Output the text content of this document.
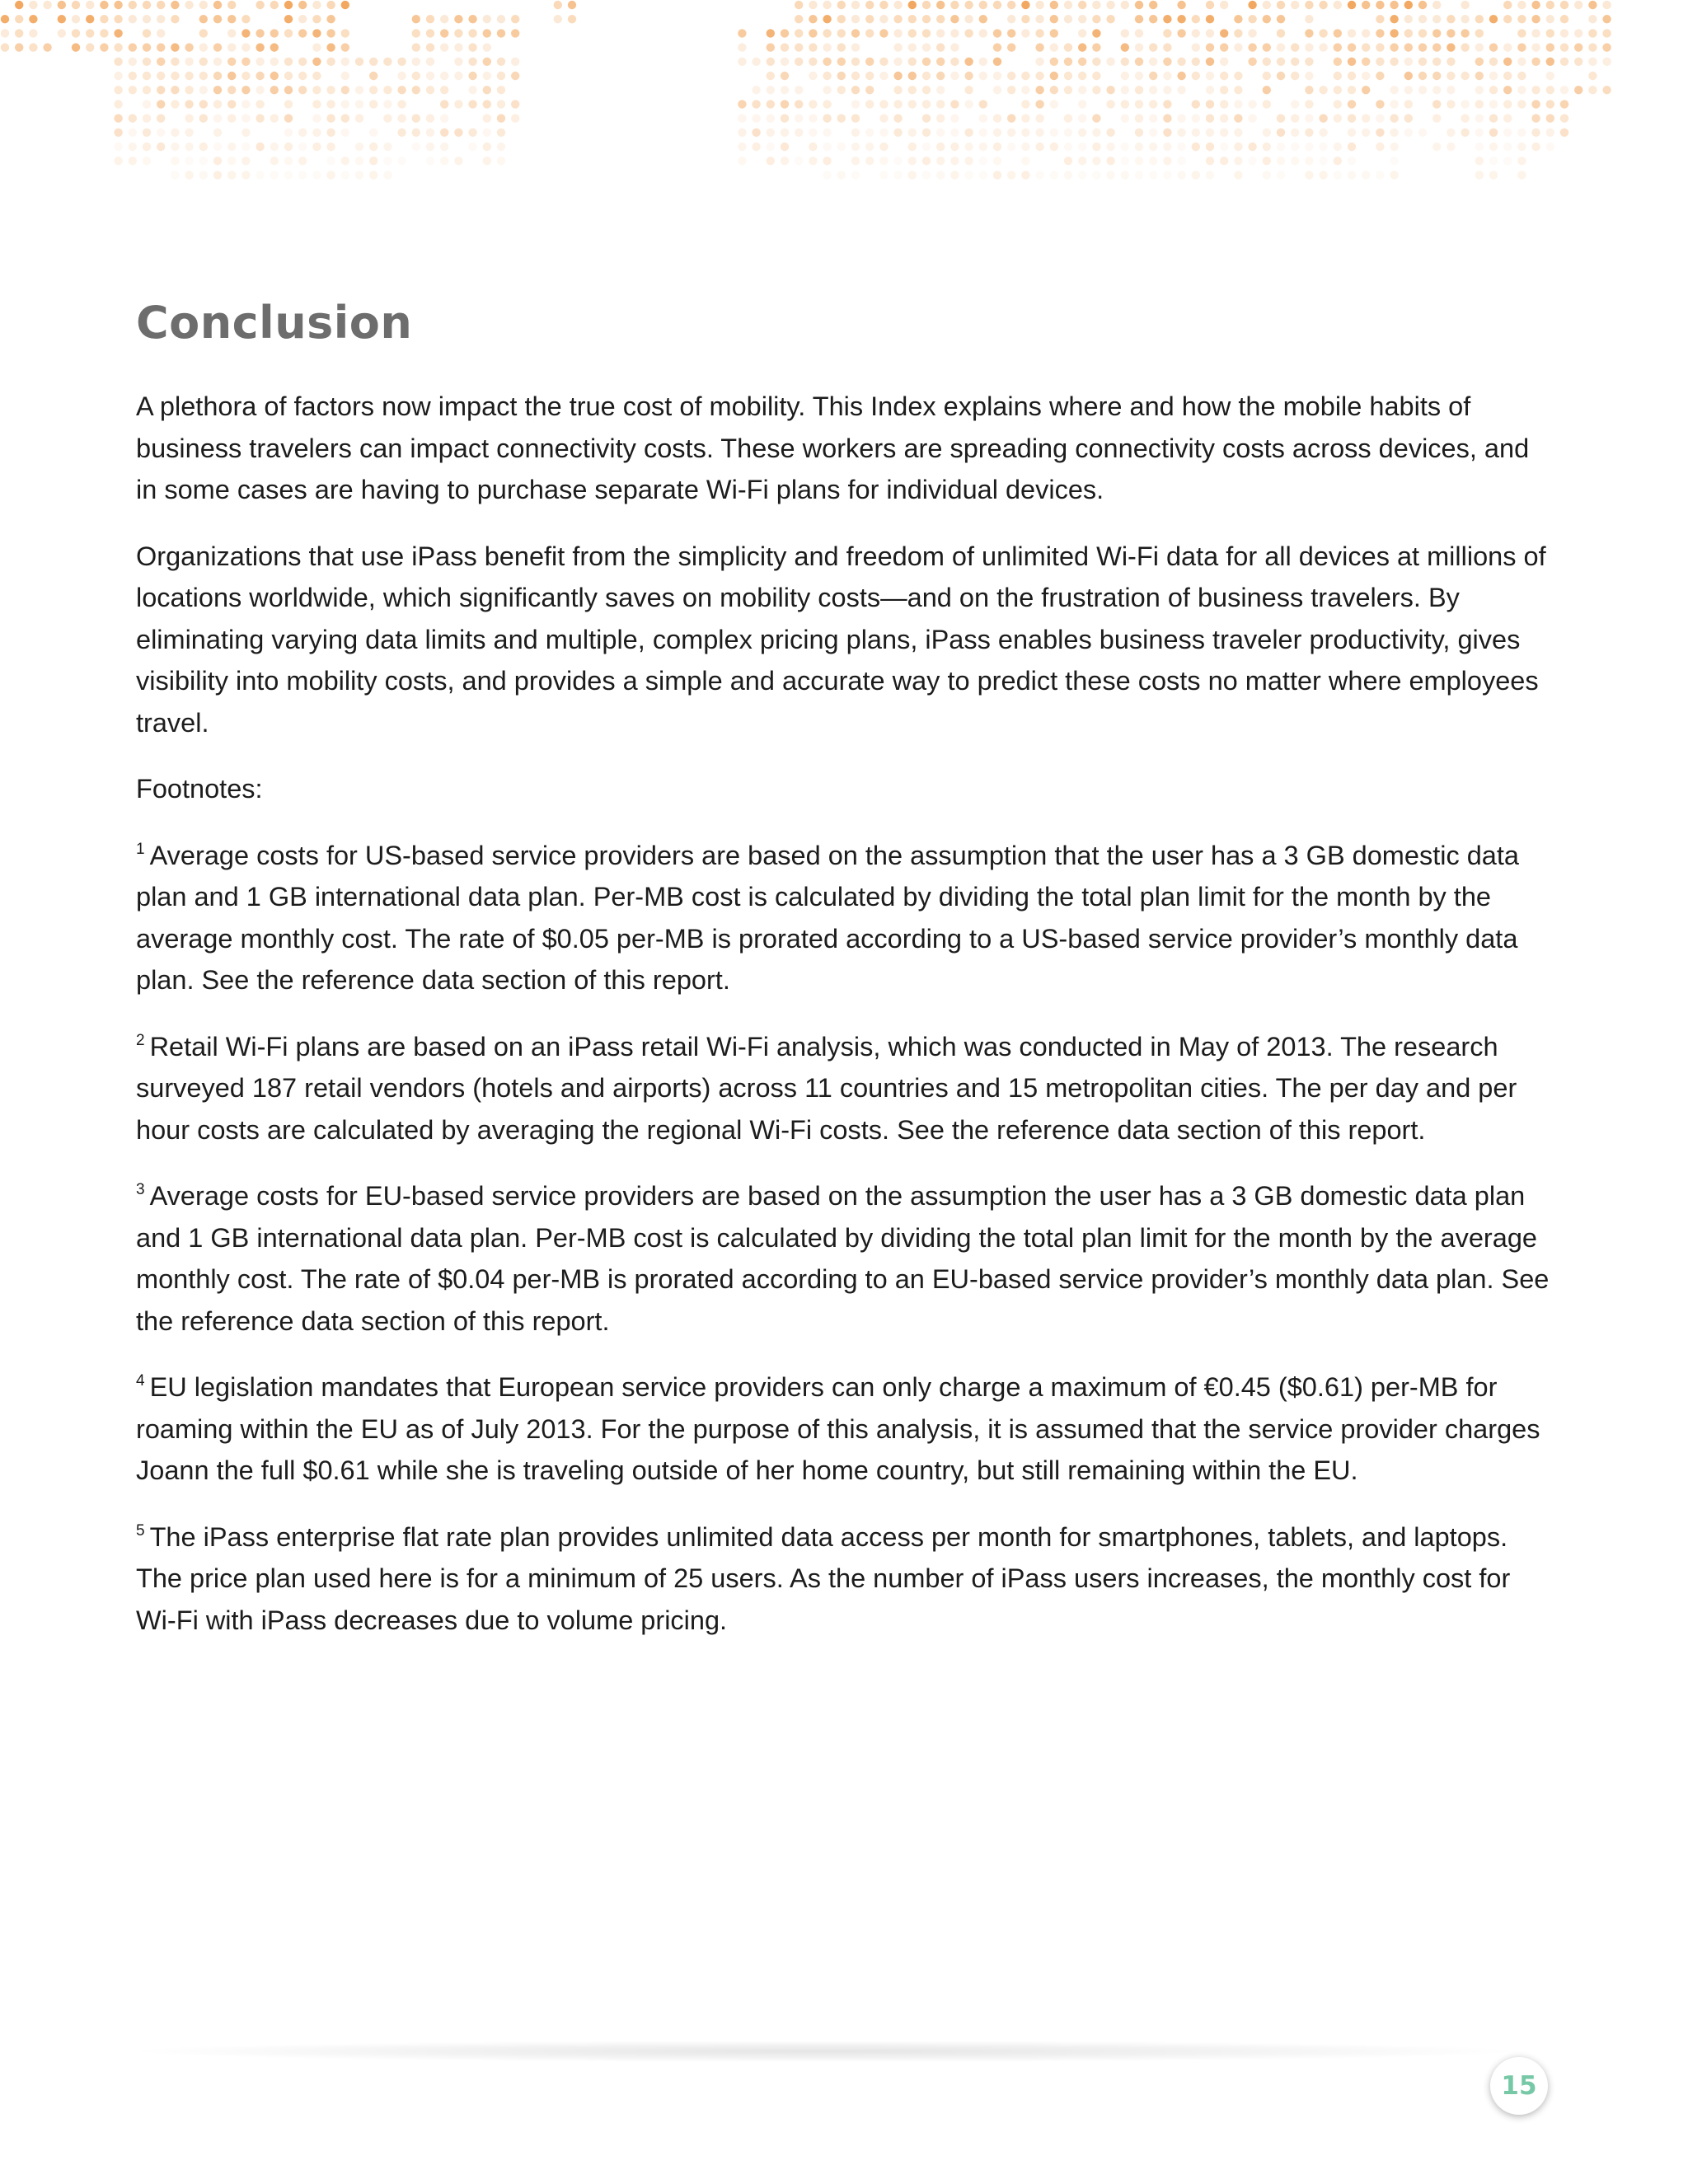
Conclusion

A plethora of factors now impact the true cost of mobility. This Index explains where and how the mobile habits of business travelers can impact connectivity costs. These workers are spreading connectivity costs across devices, and in some cases are having to purchase separate Wi-Fi plans for individual devices.

Organizations that use iPass benefit from the simplicity and freedom of unlimited Wi-Fi data for all devices at millions of locations worldwide, which significantly saves on mobility costs—and on the frustration of business travelers. By eliminating varying data limits and multiple, complex pricing plans, iPass enables business traveler productivity, gives visibility into mobility costs, and provides a simple and accurate way to predict these costs no matter where employees travel.

Footnotes:

$^1$ Average costs for US-based service providers are based on the assumption that the user has a 3 GB domestic data plan and 1 GB international data plan. Per-MB cost is calculated by dividing the total plan limit for the month by the average monthly cost. The rate of $0.05 per-MB is prorated according to a US-based service provider’s monthly data plan. See the reference data section of this report.

$^2$ Retail Wi-Fi plans are based on an iPass retail Wi-Fi analysis, which was conducted in May of 2013. The research surveyed 187 retail vendors (hotels and airports) across 11 countries and 15 metropolitan cities. The per day and per hour costs are calculated by averaging the regional Wi-Fi costs. See the reference data section of this report.

$^3$ Average costs for EU-based service providers are based on the assumption the user has a 3 GB domestic data plan and 1 GB international data plan. Per-MB cost is calculated by dividing the total plan limit for the month by the average monthly cost. The rate of $0.04 per-MB is prorated according to an EU-based service provider’s monthly data plan. See the reference data section of this report.

$^4$ EU legislation mandates that European service providers can only charge a maximum of €0.45 ($0.61) per-MB for roaming within the EU as of July 2013. For the purpose of this analysis, it is assumed that the service provider charges Joann the full $0.61 while she is traveling outside of her home country, but still remaining within the EU.

$^5$ The iPass enterprise flat rate plan provides unlimited data access per month for smartphones, tablets, and laptops. The price plan used here is for a minimum of 25 users. As the number of iPass users increases, the monthly cost for Wi-Fi with iPass decreases due to volume pricing.

15
